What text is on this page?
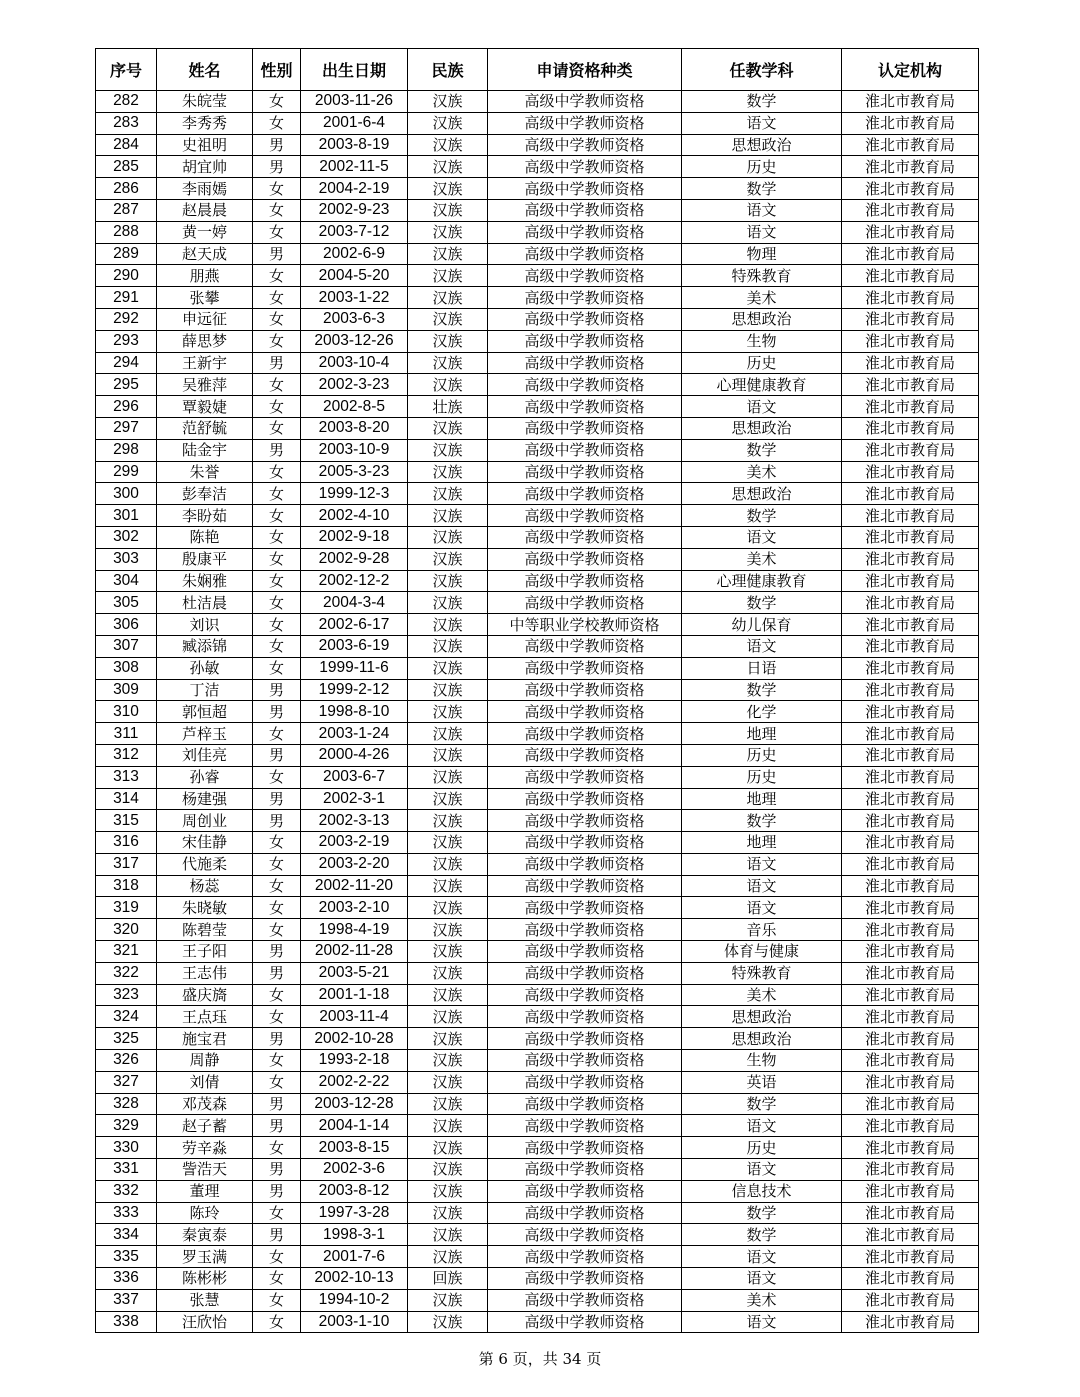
序号	姓名	性别	出生日期	民族	申请资格种类	任教学科	认定机构
282	朱皖莹	女	2003-11-26	汉族	高级中学教师资格	数学	淮北市教育局
283	李秀秀	女	2001-6-4	汉族	高级中学教师资格	语文	淮北市教育局
284	史祖明	男	2003-8-19	汉族	高级中学教师资格	思想政治	淮北市教育局
285	胡宜帅	男	2002-11-5	汉族	高级中学教师资格	历史	淮北市教育局
286	李雨嫣	女	2004-2-19	汉族	高级中学教师资格	数学	淮北市教育局
287	赵晨晨	女	2002-9-23	汉族	高级中学教师资格	语文	淮北市教育局
288	黄一婷	女	2003-7-12	汉族	高级中学教师资格	语文	淮北市教育局
289	赵天成	男	2002-6-9	汉族	高级中学教师资格	物理	淮北市教育局
290	朋燕	女	2004-5-20	汉族	高级中学教师资格	特殊教育	淮北市教育局
291	张攀	女	2003-1-22	汉族	高级中学教师资格	美术	淮北市教育局
292	申远征	女	2003-6-3	汉族	高级中学教师资格	思想政治	淮北市教育局
293	薛思梦	女	2003-12-26	汉族	高级中学教师资格	生物	淮北市教育局
294	王新宇	男	2003-10-4	汉族	高级中学教师资格	历史	淮北市教育局
295	吴雅萍	女	2002-3-23	汉族	高级中学教师资格	心理健康教育	淮北市教育局
296	覃毅婕	女	2002-8-5	壮族	高级中学教师资格	语文	淮北市教育局
297	范舒毓	女	2003-8-20	汉族	高级中学教师资格	思想政治	淮北市教育局
298	陆金宇	男	2003-10-9	汉族	高级中学教师资格	数学	淮北市教育局
299	朱誉	女	2005-3-23	汉族	高级中学教师资格	美术	淮北市教育局
300	彭奉洁	女	1999-12-3	汉族	高级中学教师资格	思想政治	淮北市教育局
301	李盼茹	女	2002-4-10	汉族	高级中学教师资格	数学	淮北市教育局
302	陈艳	女	2002-9-18	汉族	高级中学教师资格	语文	淮北市教育局
303	殷康平	女	2002-9-28	汉族	高级中学教师资格	美术	淮北市教育局
304	朱娴雅	女	2002-12-2	汉族	高级中学教师资格	心理健康教育	淮北市教育局
305	杜洁晨	女	2004-3-4	汉族	高级中学教师资格	数学	淮北市教育局
306	刘识	女	2002-6-17	汉族	中等职业学校教师资格	幼儿保育	淮北市教育局
307	臧添锦	女	2003-6-19	汉族	高级中学教师资格	语文	淮北市教育局
308	孙敏	女	1999-11-6	汉族	高级中学教师资格	日语	淮北市教育局
309	丁洁	男	1999-2-12	汉族	高级中学教师资格	数学	淮北市教育局
310	郭恒超	男	1998-8-10	汉族	高级中学教师资格	化学	淮北市教育局
311	芦梓玉	女	2003-1-24	汉族	高级中学教师资格	地理	淮北市教育局
312	刘佳亮	男	2000-4-26	汉族	高级中学教师资格	历史	淮北市教育局
313	孙睿	女	2003-6-7	汉族	高级中学教师资格	历史	淮北市教育局
314	杨建强	男	2002-3-1	汉族	高级中学教师资格	地理	淮北市教育局
315	周创业	男	2002-3-13	汉族	高级中学教师资格	数学	淮北市教育局
316	宋佳静	女	2003-2-19	汉族	高级中学教师资格	地理	淮北市教育局
317	代施柔	女	2003-2-20	汉族	高级中学教师资格	语文	淮北市教育局
318	杨蕊	女	2002-11-20	汉族	高级中学教师资格	语文	淮北市教育局
319	朱晓敏	女	2003-2-10	汉族	高级中学教师资格	语文	淮北市教育局
320	陈碧莹	女	1998-4-19	汉族	高级中学教师资格	音乐	淮北市教育局
321	王子阳	男	2002-11-28	汉族	高级中学教师资格	体育与健康	淮北市教育局
322	王志伟	男	2003-5-21	汉族	高级中学教师资格	特殊教育	淮北市教育局
323	盛庆旖	女	2001-1-18	汉族	高级中学教师资格	美术	淮北市教育局
324	王点珏	女	2003-11-4	汉族	高级中学教师资格	思想政治	淮北市教育局
325	施宝君	男	2002-10-28	汉族	高级中学教师资格	思想政治	淮北市教育局
326	周静	女	1993-2-18	汉族	高级中学教师资格	生物	淮北市教育局
327	刘倩	女	2002-2-22	汉族	高级中学教师资格	英语	淮北市教育局
328	邓茂森	男	2003-12-28	汉族	高级中学教师资格	数学	淮北市教育局
329	赵子蓄	男	2004-1-14	汉族	高级中学教师资格	语文	淮北市教育局
330	劳辛淼	女	2003-8-15	汉族	高级中学教师资格	历史	淮北市教育局
331	訾浩天	男	2002-3-6	汉族	高级中学教师资格	语文	淮北市教育局
332	董理	男	2003-8-12	汉族	高级中学教师资格	信息技术	淮北市教育局
333	陈玲	女	1997-3-28	汉族	高级中学教师资格	数学	淮北市教育局
334	秦寅泰	男	1998-3-1	汉族	高级中学教师资格	数学	淮北市教育局
335	罗玉满	女	2001-7-6	汉族	高级中学教师资格	语文	淮北市教育局
336	陈彬彬	女	2002-10-13	回族	高级中学教师资格	语文	淮北市教育局
337	张慧	女	1994-10-2	汉族	高级中学教师资格	美术	淮北市教育局
338	汪欣怡	女	2003-1-10	汉族	高级中学教师资格	语文	淮北市教育局
第 6 页，共 34 页
